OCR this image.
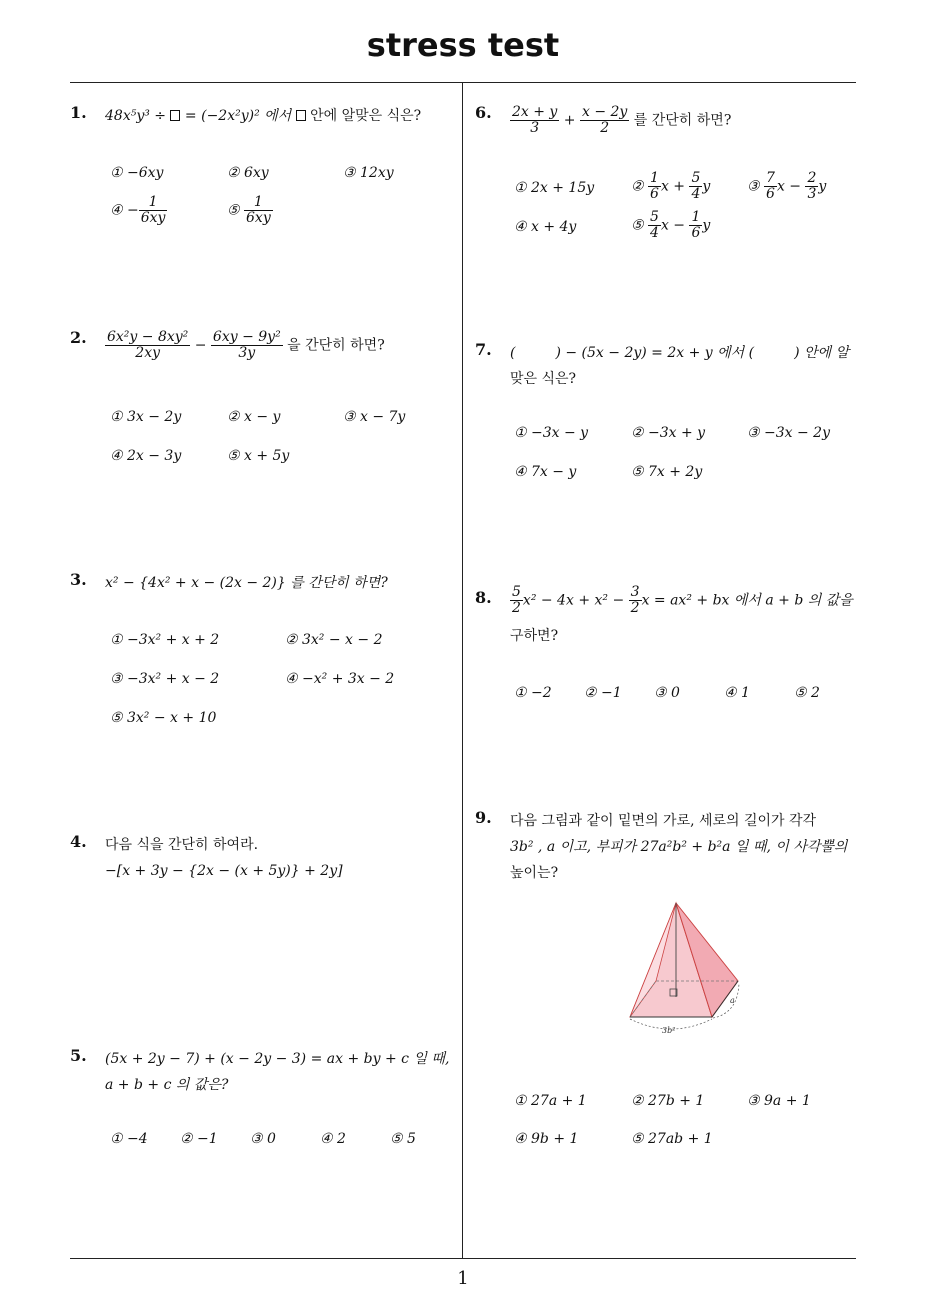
stress test
1
1. 48x⁵y³ ÷  = (−2x²y)² 에서  안에 알맞은 식은?
① −6xy	② 6xy	③ 12xy
④ − $\frac{1}{6xy}$	⑤ $\frac{1}{6xy}$
2. $\frac{\text{6x²y − 8xy²}}{2xy} - \frac{\text{6xy − 9y²}}{3y}$ 을 간단히 하면?
① 3x − 2y	② x − y	③ x − 7y
④ 2x − 3y	⑤ x + 5y
3. x² − {4x² + x − (2x − 2)} 를 간단히 하면?
① −3x² + x + 2	② 3x² − x − 2
③ −3x² + x − 2	④ −x² + 3x − 2
⑤ 3x² − x + 10
4. 다음 식을 간단히 하여라.
−[x + 3y − {2x − (x + 5y)} + 2y]
5. (5x + 2y − 7) + (x − 2y − 3) = ax + by + c 일 때,
a + b + c 의 값은?
① −4 ② −1 ③ 0	④ 2	⑤ 5
6. $\frac{2x + y}{3} + \frac{x - 2y}{2}$ 를 간단히 하면?
① 2x + 15y	② $\frac{1}{6}$ $x + \frac{5}{4}$ y	③ $\frac{7}{6}$ $x - \frac{2}{3}$ y
④ x + 4y	⑤ $\frac{5}{4}$ $x - \frac{1}{6}$ y
7. (	) − (5x − 2y) = 2x + y 에서 (	) 안에 알
맞은 식은?
① −3x − y	② −3x + y	③ −3x − 2y
④ 7x − y	⑤ 7x + 2y
8. $\frac{5}{2} x^2 - 4x + x^2 - \frac{3}{2}$ x = ax² + bx 에서 a + b 의 값을
구하면?
① −2 ② −1 ③ 0	④ 1	⑤ 2
9. 다음 그림과 같이 밑면의 가로, 세로의 길이가 각각
3b² , a 이고, 부피가 27a²b² + b²a 일 때, 이 사각뿔의
높이는?
3b²
a
① 27a + 1	② 27b + 1	③ 9a + 1
④ 9b + 1	⑤ 27ab + 1
